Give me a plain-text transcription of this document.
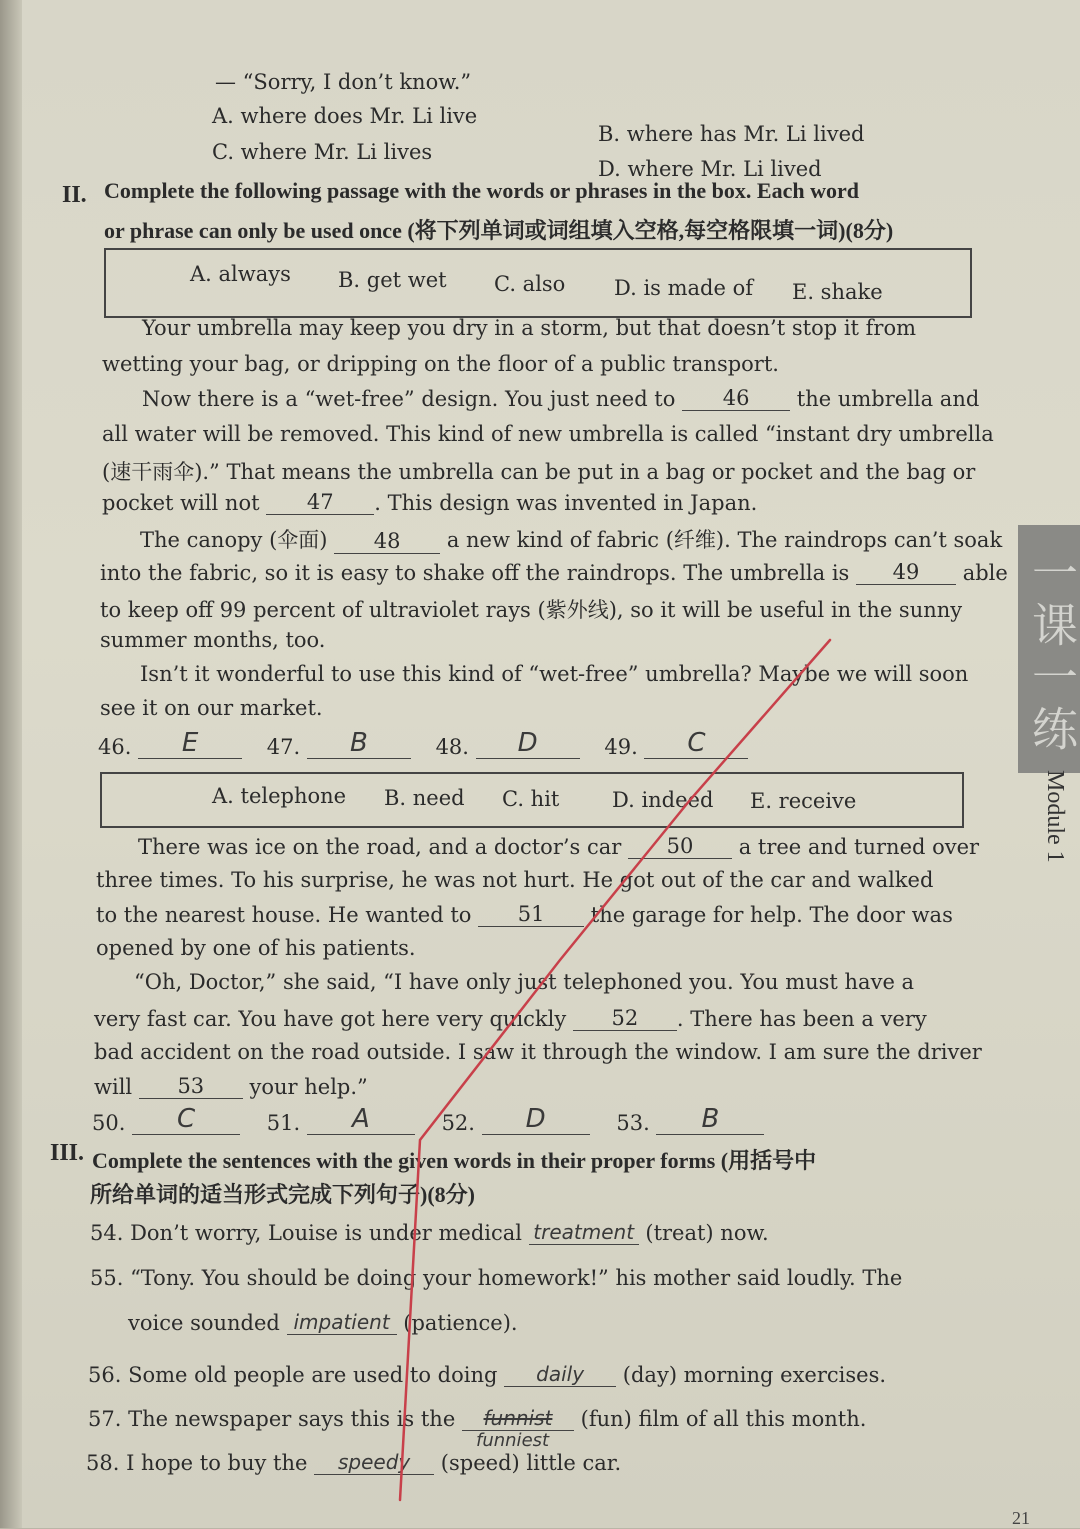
— “Sorry, I don’t know.”
A. where does Mr. Li live
B. where has Mr. Li lived
C. where Mr. Li lives
D. where Mr. Li lived
II. Complete the following passage with the words or phrases in the box. Each word
or phrase can only be used once (将下列单词或词组填入空格,每空格限填一词)(8分)
A. always B. get wet C. also D. is made of E. shake
Your umbrella may keep you dry in a storm, but that doesn’t stop it from
wetting your bag, or dripping on the floor of a public transport.
Now there is a “wet-free” design. You just need to 46 the umbrella and
all water will be removed. This kind of new umbrella is called “instant dry umbrella
(速干雨伞).” That means the umbrella can be put in a bag or pocket and the bag or
pocket will not 47 . This design was invented in Japan.
The canopy (伞面) 48 a new kind of fabric (纤维). The raindrops can’t soak
into the fabric, so it is easy to shake off the raindrops. The umbrella is 49 able
to keep off 99 percent of ultraviolet rays (紫外线), so it will be useful in the sunny
summer months, too.
Isn’t it wonderful to use this kind of “wet-free” umbrella? Maybe we will soon
see it on our market.
46. E	47. B	48. D	49. C
A. telephone B. need C. hit	D. indeed E. receive
There was ice on the road, and a doctor’s car 50 a tree and turned over
three times. To his surprise, he was not hurt. He got out of the car and walked
to the nearest house. He wanted to 51 the garage for help. The door was
opened by one of his patients.
“Oh, Doctor,” she said, “I have only just telephoned you. You must have a
very fast car. You have got here very quickly 52 . There has been a very
bad accident on the road outside. I saw it through the window. I am sure the driver
will 53 your help.”
50. C	51. A	52. D	53. B
III. Complete the sentences with the given words in their proper forms (用括号中
所给单词的适当形式完成下列句子)(8分)
54. Don’t worry, Louise is under medical treatment (treat) now.
55. “Tony. You should be doing your homework!” his mother said loudly. The
voice sounded impatient (patience).
56. Some old people are used to doing daily (day) morning exercises.
57. The newspaper says this is the funnist (fun) film of all this month.
funniest
58. I hope to buy the speedy (speed) little car.
一课一练
Module 1
21
